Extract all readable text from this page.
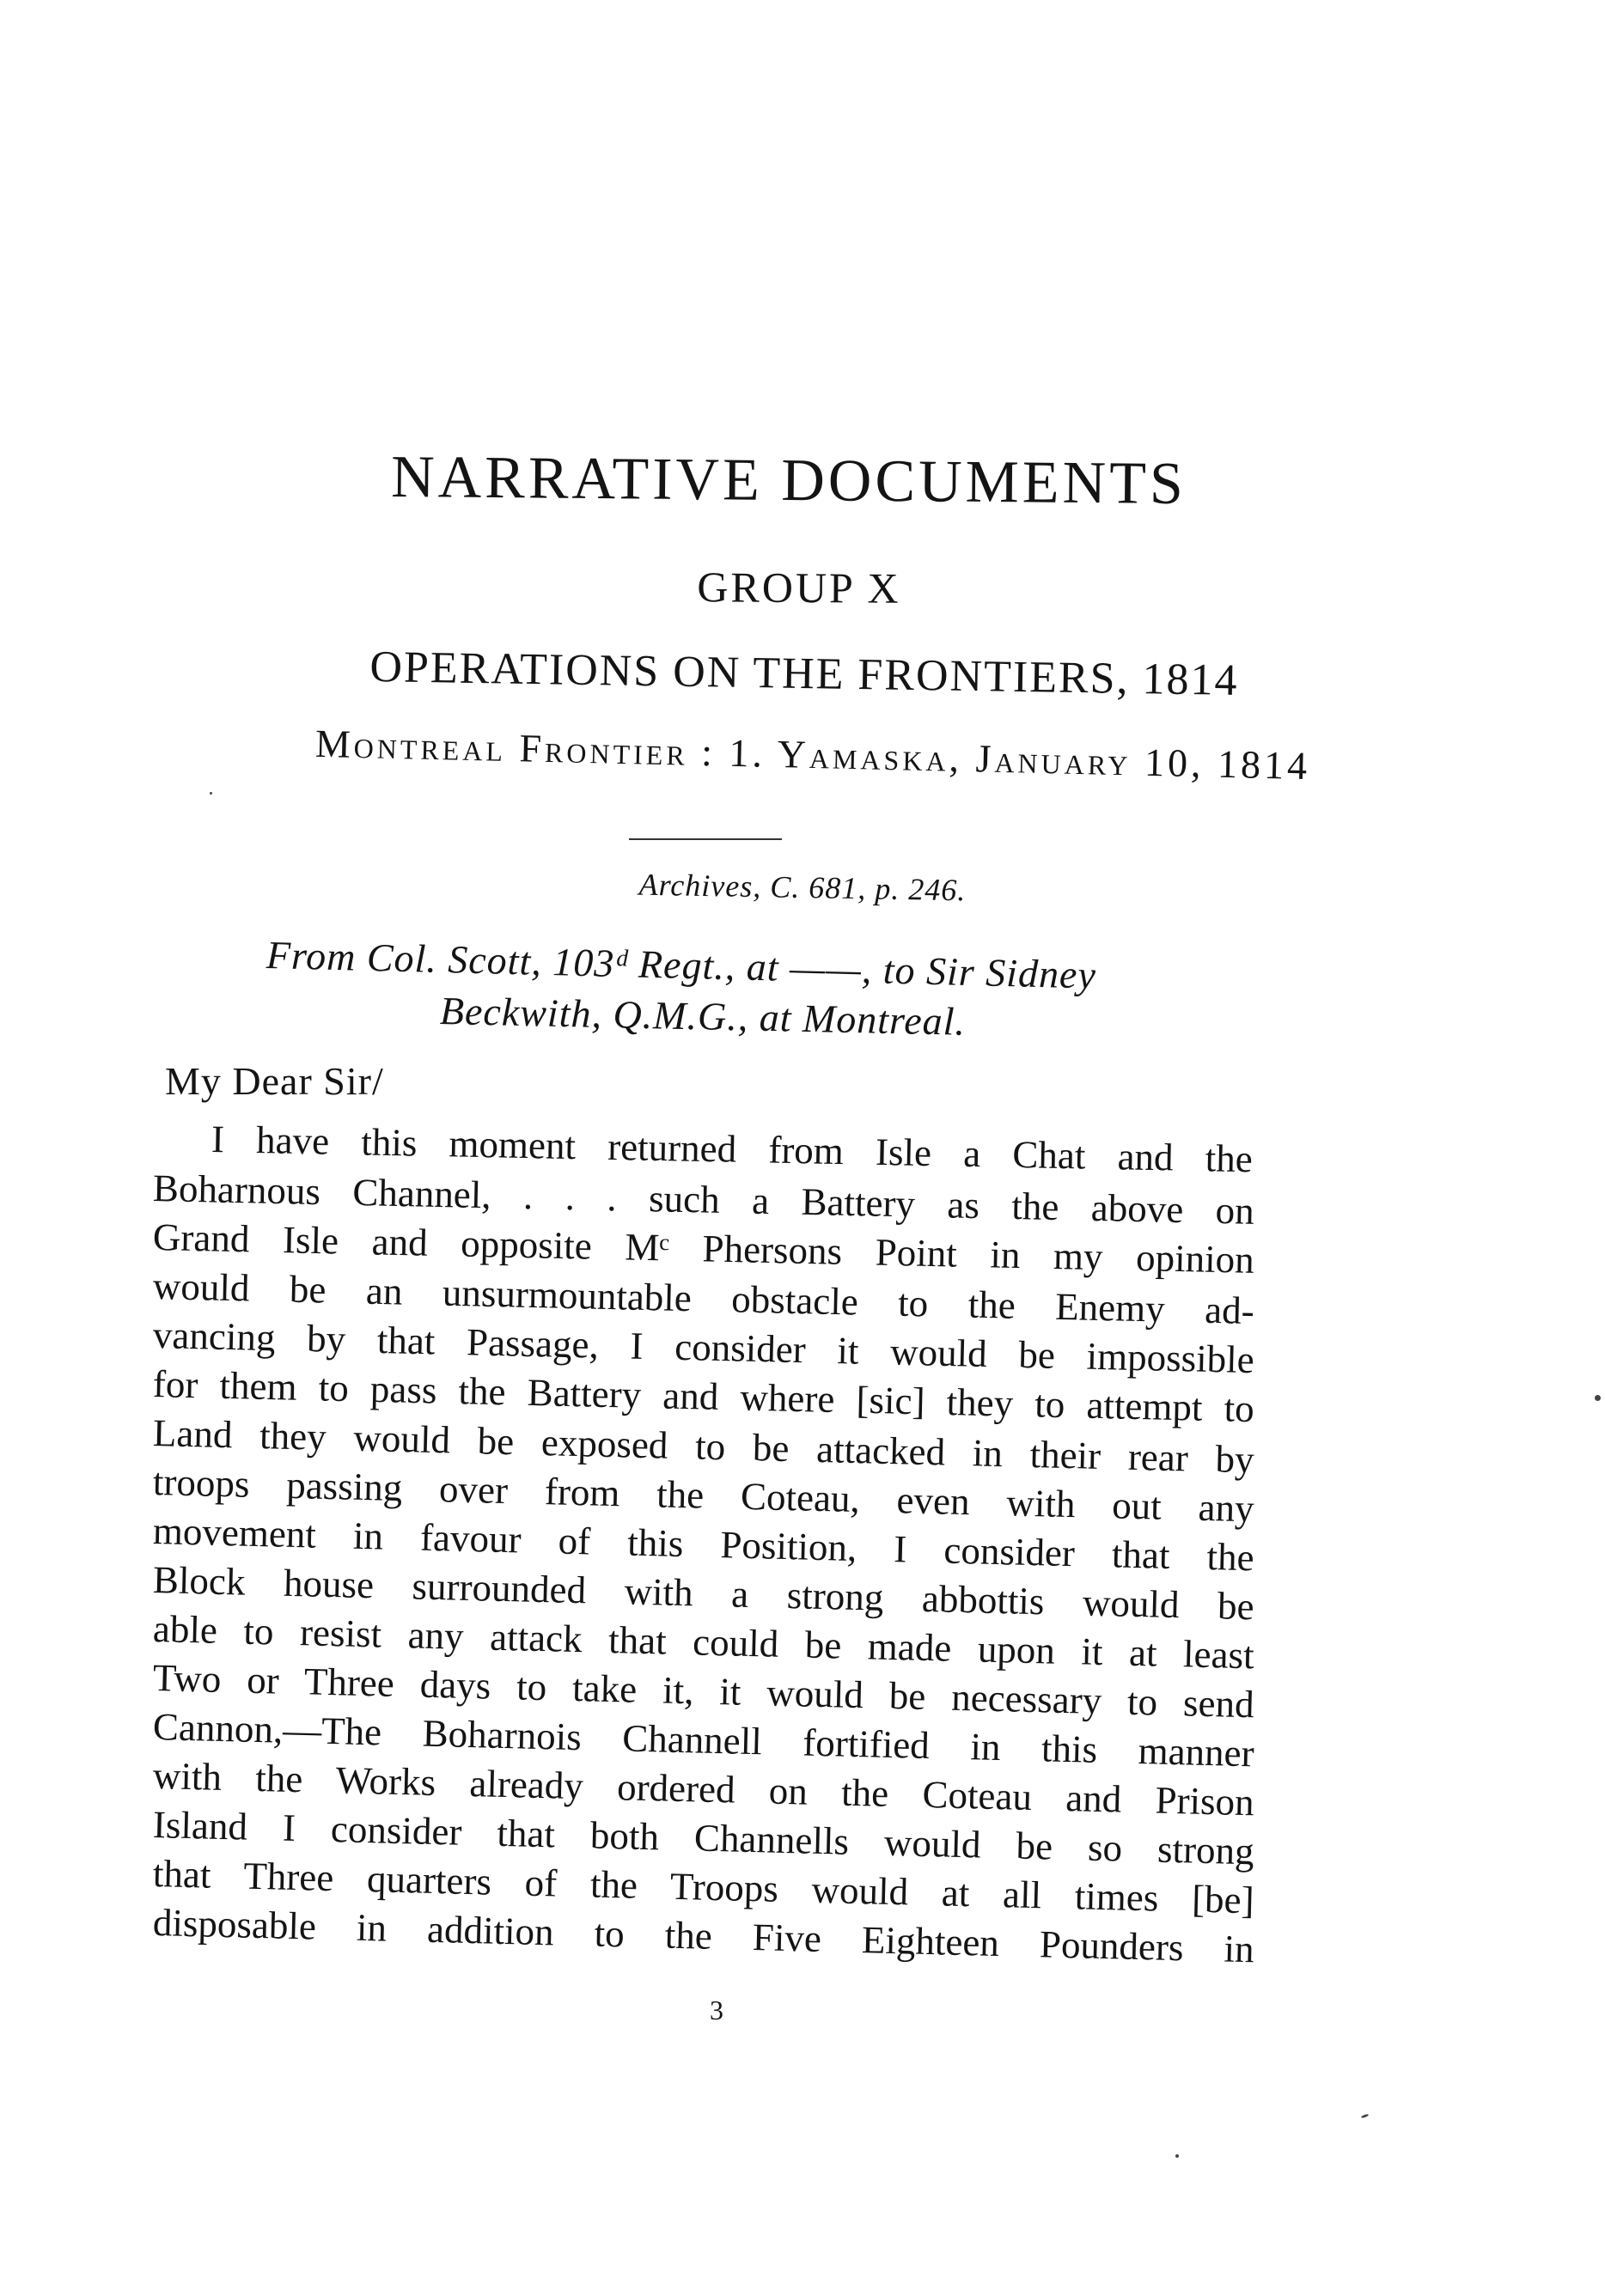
NARRATIVE DOCUMENTS
GROUP X
OPERATIONS ON THE FRONTIERS, 1814
Montreal Frontier : 1. Yamaska, January 10, 1814
Archives, C. 681, p. 246.
From Col. Scott, 103ᵈ Regt., at ——, to Sir Sidney
Beckwith, Q.M.G., at Montreal.
My Dear Sir/
I have this moment returned from Isle a Chat and the
Boharnous Channel, . . . such a Battery as the above on
Grand Isle and opposite Mᶜ Phersons Point in my opinion
would be an unsurmountable obstacle to the Enemy ad-
vancing by that Passage, I consider it would be impossible
for them to pass the Battery and where [sic] they to attempt to
Land they would be exposed to be attacked in their rear by
troops passing over from the Coteau, even with out any
movement in favour of this Position, I consider that the
Block house surrounded with a strong abbottis would be
able to resist any attack that could be made upon it at least
Two or Three days to take it, it would be necessary to send
Cannon,—The Boharnois Channell fortified in this manner
with the Works already ordered on the Coteau and Prison
Island I consider that both Channells would be so strong
that Three quarters of the Troops would at all times [be]
disposable in addition to the Five Eighteen Pounders in
3
